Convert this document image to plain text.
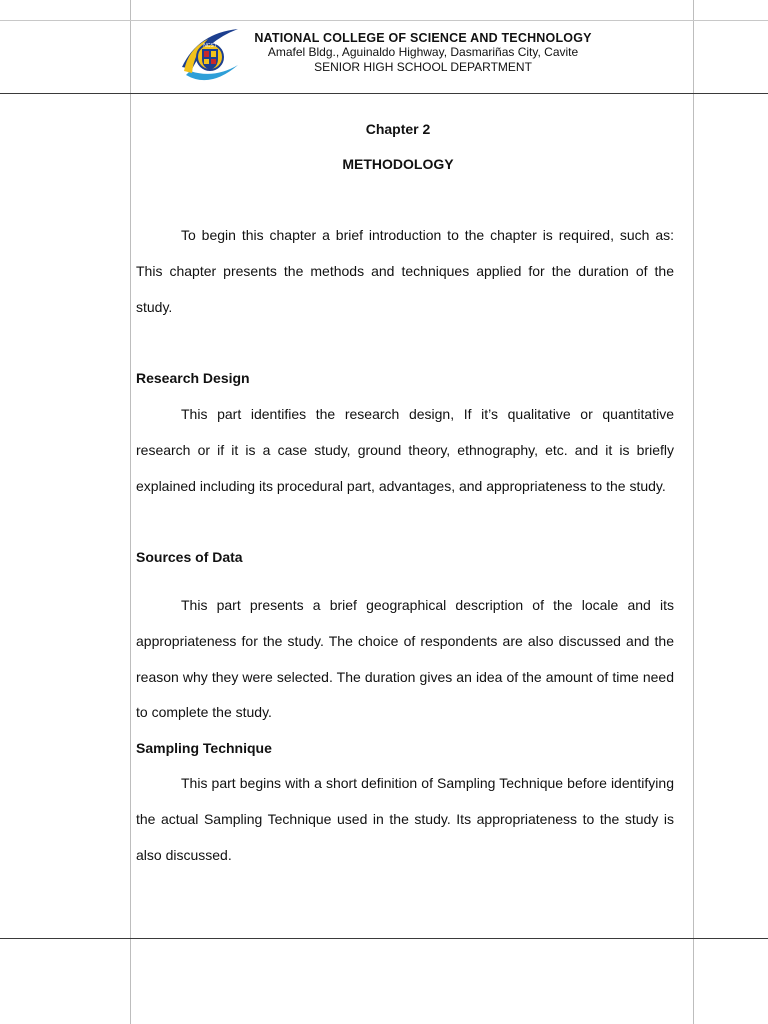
NCST
NATIONAL COLLEGE OF SCIENCE AND TECHNOLOGY
Amafel Bldg., Aguinaldo Highway, Dasmariñas City, Cavite
SENIOR HIGH SCHOOL DEPARTMENT
Chapter 2
METHODOLOGY

To begin this chapter a brief introduction to the chapter is required, such as: This chapter presents the methods and techniques applied for the duration of the study.

Research Design

This part identifies the research design, If it’s qualitative or quantitative research or if it is a case study, ground theory, ethnography, etc. and it is briefly explained including its procedural part, advantages, and appropriateness to the study.

Sources of Data

This part presents a brief geographical description of the locale and its appropriateness for the study. The choice of respondents are also discussed and the reason why they were selected. The duration gives an idea of the amount of time need to complete the study.

Sampling Technique

This part begins with a short definition of Sampling Technique before identifying the actual Sampling Technique used in the study. Its appropriateness to the study is also discussed.
